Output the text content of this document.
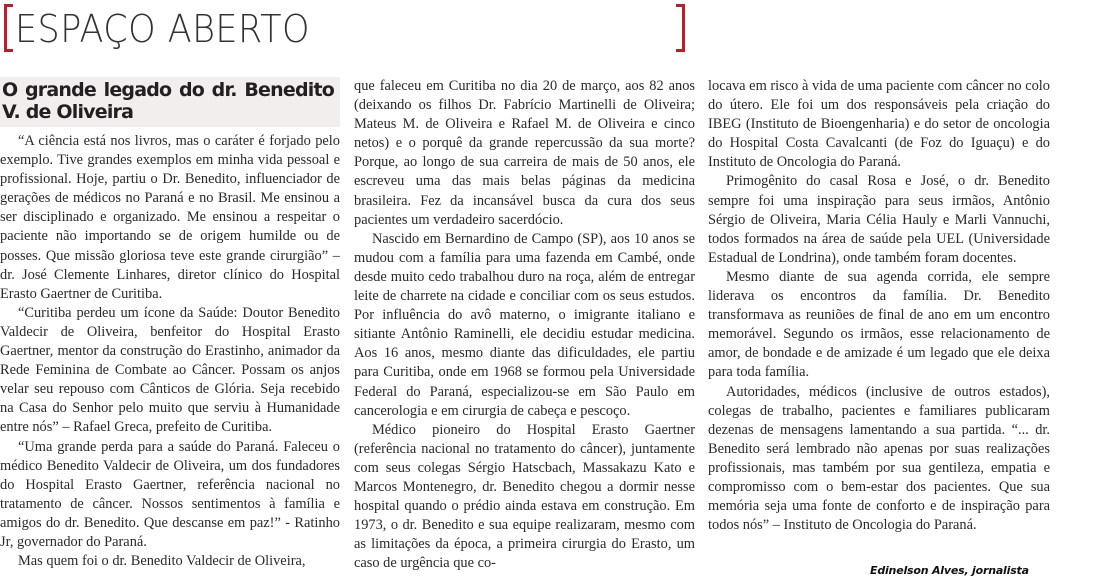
ESPAÇO ABERTO
O grande legado do dr. Benedito V. de Oliveira

“A ciência está nos livros, mas o caráter é forjado pelo exemplo. Tive grandes exemplos em minha vida pessoal e profissional. Hoje, partiu o Dr. Benedito, influenciador de gerações de médicos no Paraná e no Brasil. Me ensinou a ser disciplinado e organizado. Me ensinou a respeitar o paciente não importando se de origem humilde ou de posses. Que missão gloriosa teve este grande cirurgião” – dr. José Clemente Linhares, diretor clínico do Hospital Erasto Gaertner de Curitiba.

“Curitiba perdeu um ícone da Saúde: Doutor Benedito Valdecir de Oliveira, benfeitor do Hospital Erasto Gaertner, mentor da construção do Erastinho, animador da Rede Feminina de Combate ao Câncer. Possam os anjos velar seu repouso com Cânticos de Glória. Seja recebido na Casa do Senhor pelo muito que serviu à Humanidade entre nós” – Rafael Greca, prefeito de Curitiba.

“Uma grande perda para a saúde do Paraná. Faleceu o médico Benedito Valdecir de Oliveira, um dos fundadores do Hospital Erasto Gaertner, referência nacional no tratamento de câncer. Nossos sentimentos à família e amigos do dr. Benedito. Que descanse em paz!” - Ratinho Jr, governador do Paraná.

Mas quem foi o dr. Benedito Valdecir de Oliveira,

que faleceu em Curitiba no dia 20 de março, aos 82 anos (deixando os filhos Dr. Fabrício Martinelli de Oliveira; Mateus M. de Oliveira e Rafael M. de Oliveira e cinco netos) e o porquê da grande repercussão da sua morte? Porque, ao longo de sua carreira de mais de 50 anos, ele escreveu uma das mais belas páginas da medicina brasileira. Fez da incansável busca da cura dos seus pacientes um verdadeiro sacerdócio.

Nascido em Bernardino de Campo (SP), aos 10 anos se mudou com a família para uma fazenda em Cambé, onde desde muito cedo trabalhou duro na roça, além de entregar leite de charrete na cidade e conciliar com os seus estudos. Por influência do avô materno, o imigrante italiano e sitiante Antônio Raminelli, ele decidiu estudar medicina. Aos 16 anos, mesmo diante das dificuldades, ele partiu para Curitiba, onde em 1968 se formou pela Universidade Federal do Paraná, especializou-se em São Paulo em cancerologia e em cirurgia de cabeça e pescoço.

Médico pioneiro do Hospital Erasto Gaertner (referência nacional no tratamento do câncer), juntamente com seus colegas Sérgio Hatscbach, Massakazu Kato e Marcos Montenegro, dr. Benedito chegou a dormir nesse hospital quando o prédio ainda estava em construção. Em 1973, o dr. Benedito e sua equipe realizaram, mesmo com as limitações da época, a primeira cirurgia do Erasto, um caso de urgência que co-

locava em risco à vida de uma paciente com câncer no colo do útero. Ele foi um dos responsáveis pela criação do IBEG (Instituto de Bioengenharia) e do setor de oncologia do Hospital Costa Cavalcanti (de Foz do Iguaçu) e do Instituto de Oncologia do Paraná.

Primogênito do casal Rosa e José, o dr. Benedito sempre foi uma inspiração para seus irmãos, Antônio Sérgio de Oliveira, Maria Célia Hauly e Marli Vannuchi, todos formados na área de saúde pela UEL (Universidade Estadual de Londrina), onde também foram docentes.

Mesmo diante de sua agenda corrida, ele sempre liderava os encontros da família. Dr. Benedito transformava as reuniões de final de ano em um encontro memorável. Segundo os irmãos, esse relacionamento de amor, de bondade e de amizade é um legado que ele deixa para toda família.

Autoridades, médicos (inclusive de outros estados), colegas de trabalho, pacientes e familiares publicaram dezenas de mensagens lamentando a sua partida. “... dr. Benedito será lembrado não apenas por suas realizações profissionais, mas também por sua gentileza, empatia e compromisso com o bem-estar dos pacientes. Que sua memória seja uma fonte de conforto e de inspiração para todos nós” – Instituto de Oncologia do Paraná.

Edinelson Alves, jornalista
